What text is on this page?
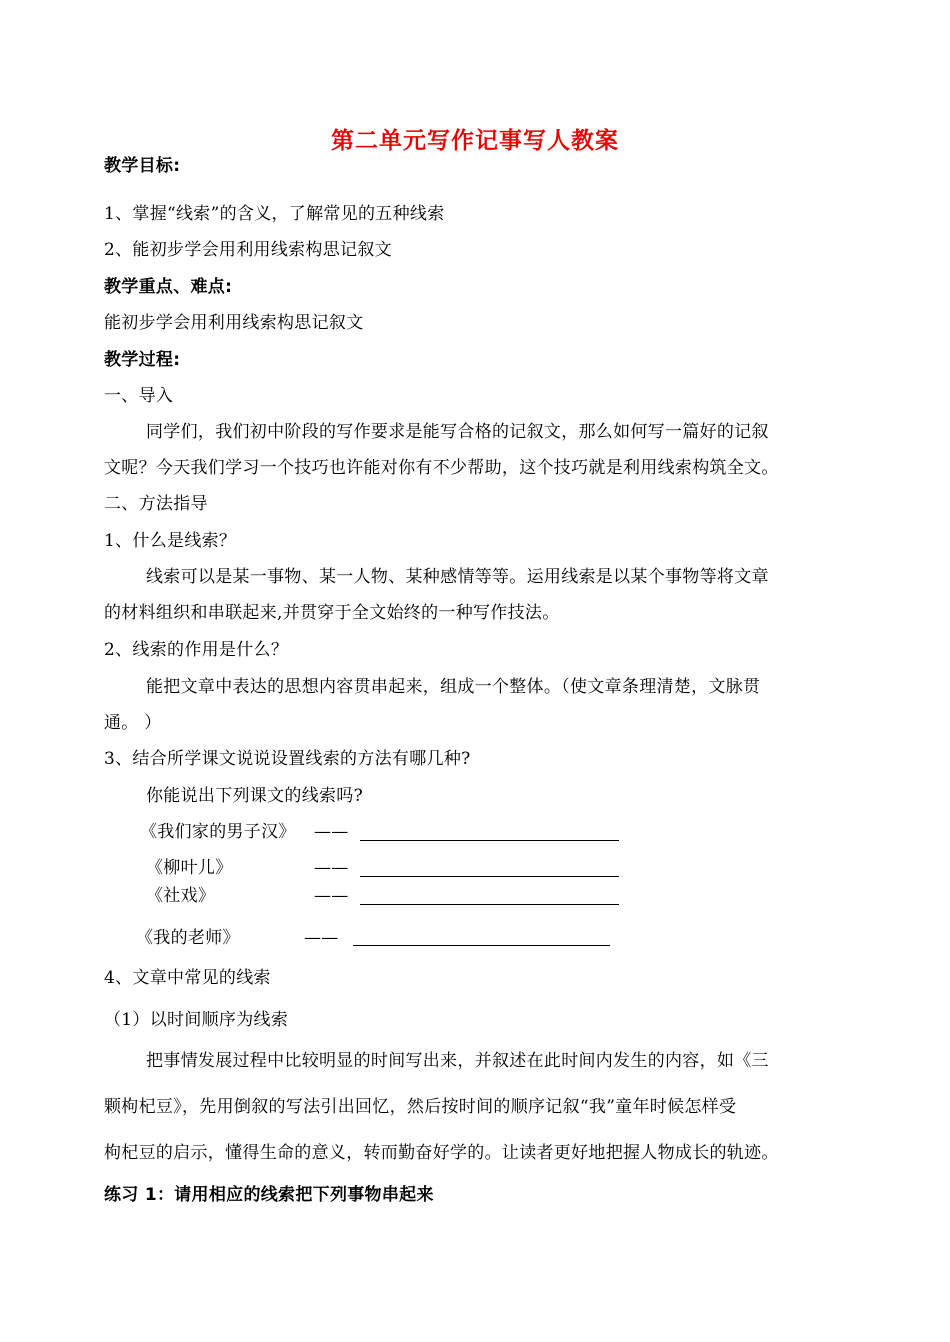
第二单元写作记事写人教案
教学目标:
1、掌握“线索”的含义，了解常见的五种线索
2、能初步学会用利用线索构思记叙文
教学重点、难点:
能初步学会用利用线索构思记叙文
教学过程:
一、导入
同学们，我们初中阶段的写作要求是能写合格的记叙文，那么如何写一篇好的记叙
文呢？今天我们学习一个技巧也许能对你有不少帮助，这个技巧就是利用线索构筑全文。
二、方法指导
1、什么是线索？
线索可以是某一事物、某一人物、某种感情等等。运用线索是以某个事物等将文章
的材料组织和串联起来,并贯穿于全文始终的一种写作技法。
2、线索的作用是什么？
能把文章中表达的思想内容贯串起来，组成一个整体。（使文章条理清楚，文脉贯
通。 ）
3、结合所学课文说说设置线索的方法有哪几种?
你能说出下列课文的线索吗?
《我们家的男子汉》 ——
《柳叶儿》	——
《社戏》	——
《我的老师》	——
4、文章中常见的线索
（1）以时间顺序为线索
把事情发展过程中比较明显的时间写出来，并叙述在此时间内发生的内容，如《三
颗枸杞豆》，先用倒叙的写法引出回忆，然后按时间的顺序记叙“我”童年时候怎样受
枸杞豆的启示，懂得生命的意义，转而勤奋好学的。让读者更好地把握人物成长的轨迹。
练习 1：请用相应的线索把下列事物串起来
